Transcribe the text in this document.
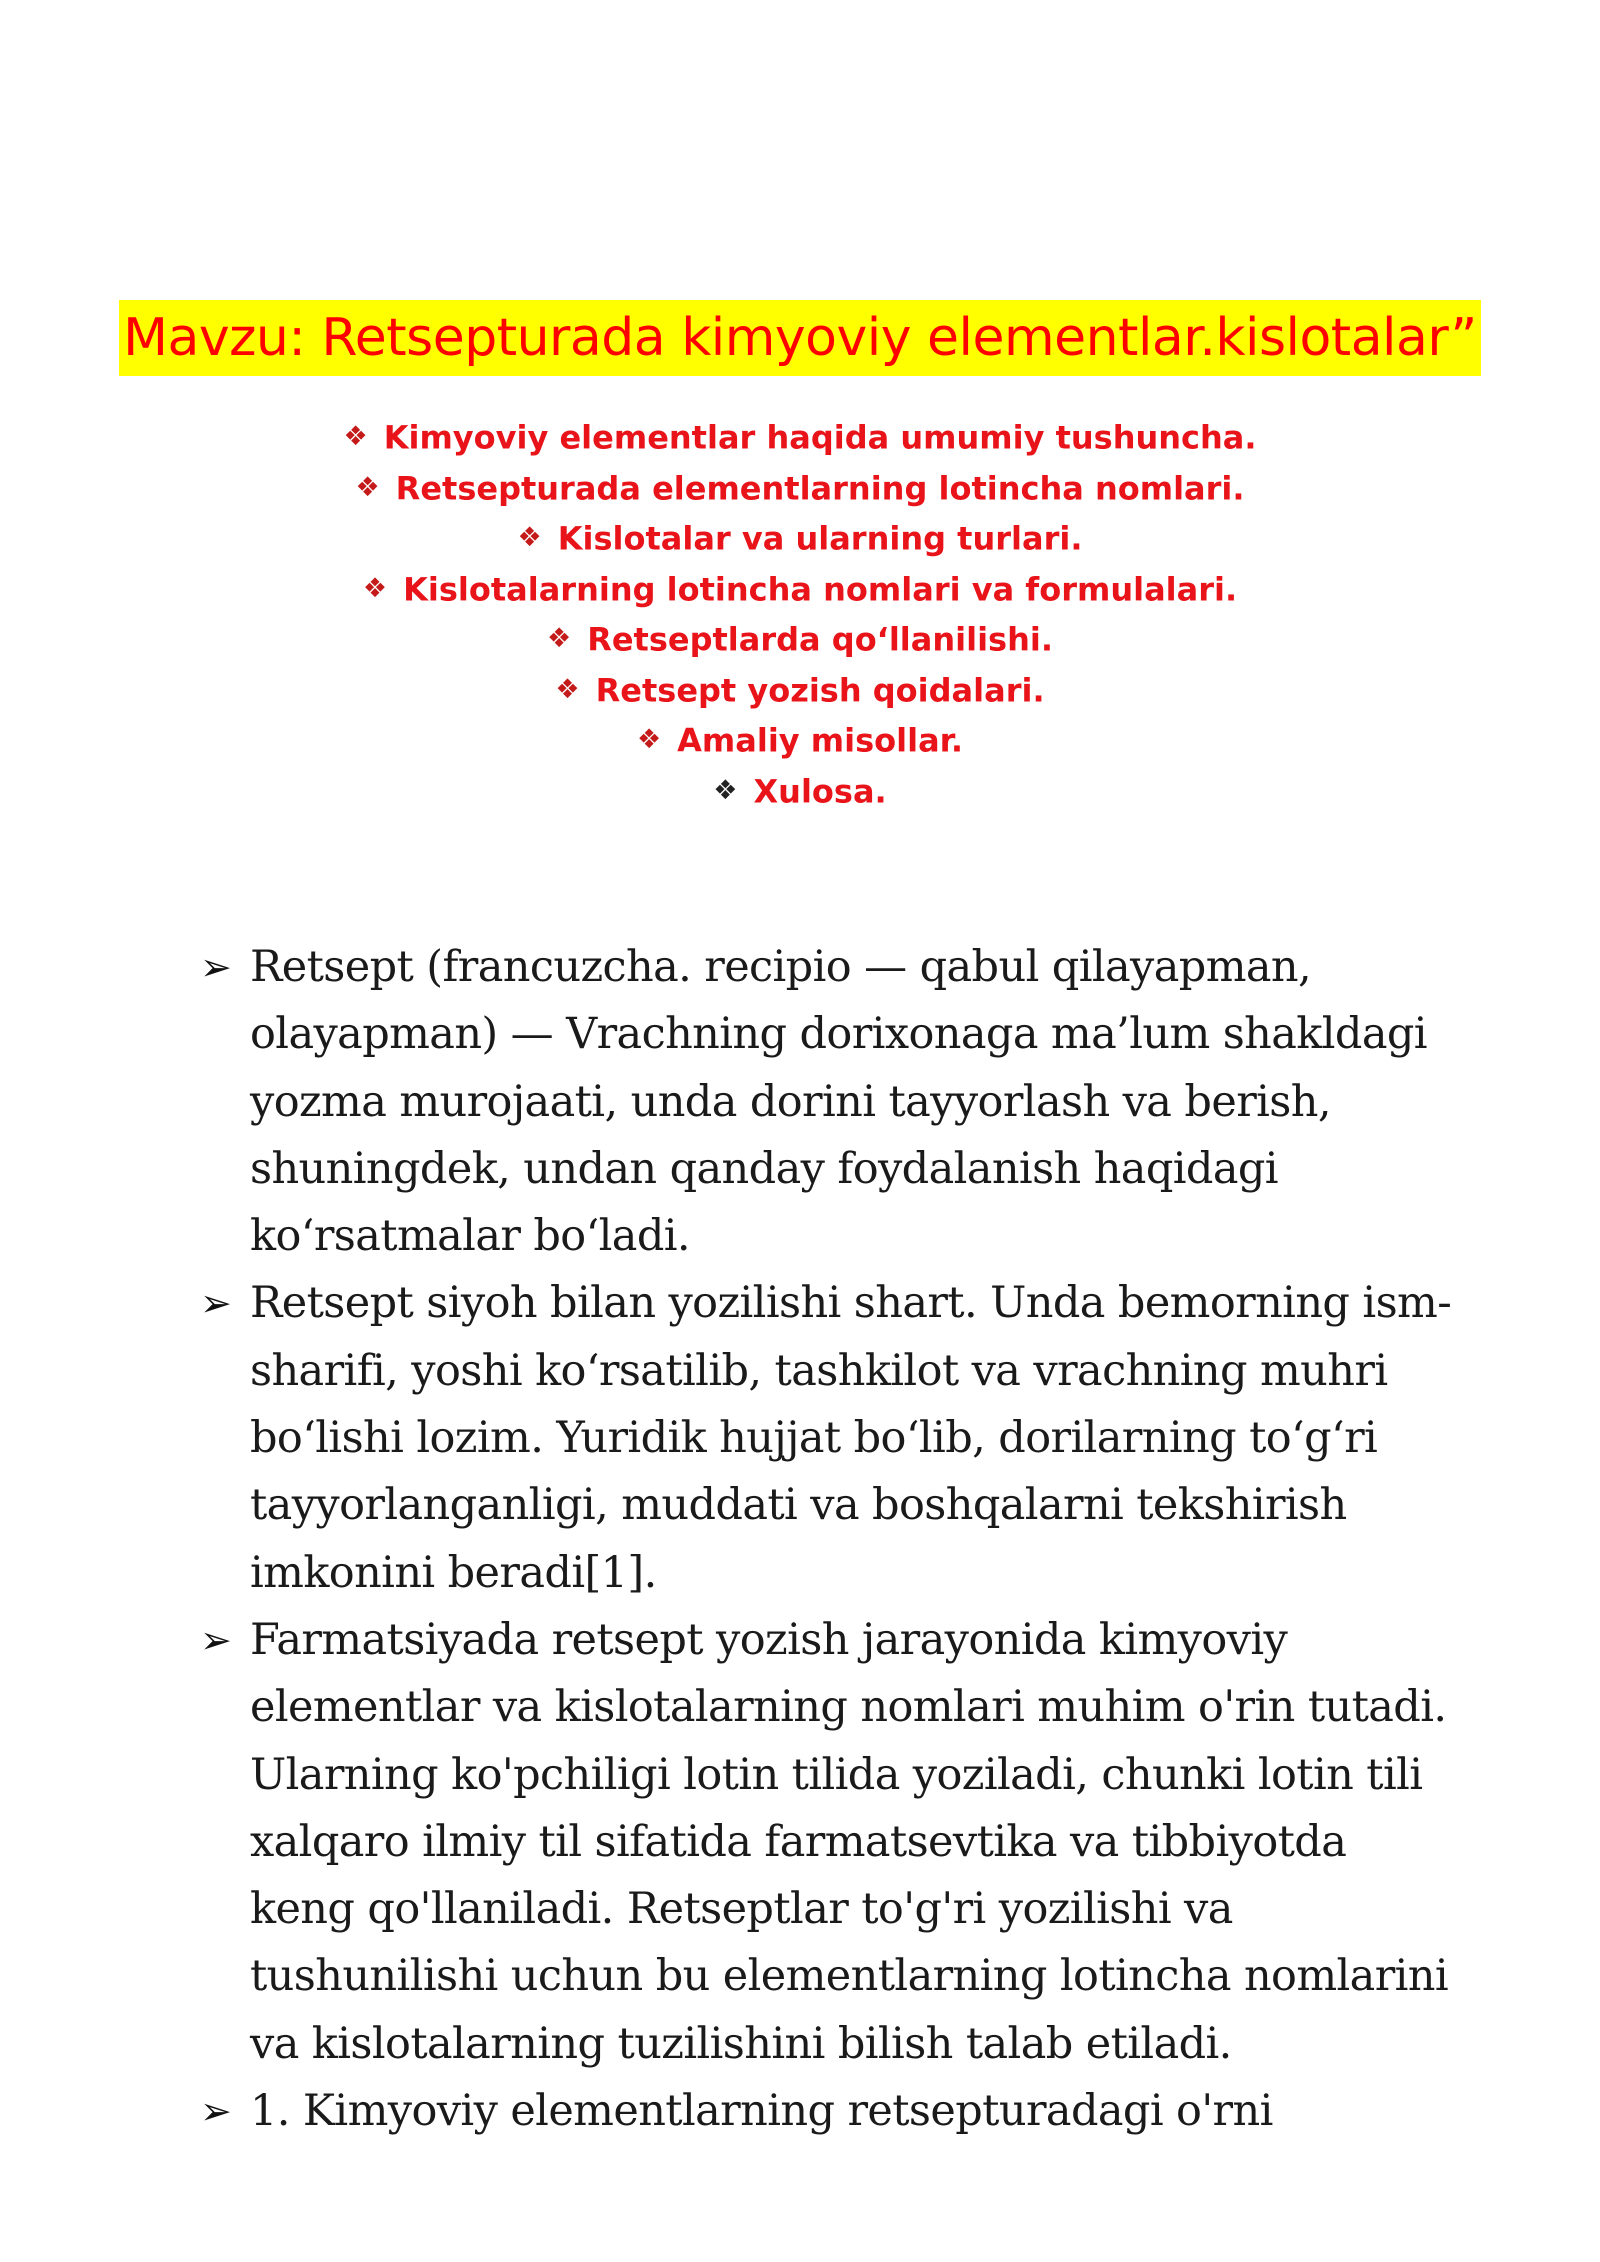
Mavzu: Retsepturada kimyoviy elementlar.kislotalar”
❖ Kimyoviy elementlar haqida umumiy tushuncha.
❖ Retsepturada elementlarning lotincha nomlari.
❖ Kislotalar va ularning turlari.
❖ Kislotalarning lotincha nomlari va formulalari.
❖ Retseptlarda qo‘llanilishi.
❖ Retsept yozish qoidalari.
❖ Amaliy misollar.
❖ Xulosa.
➢ Retsept (francuzcha. recipio — qabul qilayapman, olayapman) — Vrachning dorixonaga ma’lum shakldagi yozma murojaati, unda dorini tayyorlash va berish, shuningdek, undan qanday foydalanish haqidagi ko‘rsatmalar bo‘ladi.
➢ Retsept siyoh bilan yozilishi shart. Unda bemorning ism-sharifi, yoshi ko‘rsatilib, tashkilot va vrachning muhri bo‘lishi lozim. Yuridik hujjat bo‘lib, dorilarning to‘g‘ri tayyorlanganligi, muddati va boshqalarni tekshirish imkonini beradi[1].
➢ Farmatsiyada retsept yozish jarayonida kimyoviy elementlar va kislotalarning nomlari muhim o'rin tutadi. Ularning ko'pchiligi lotin tilida yoziladi, chunki lotin tili xalqaro ilmiy til sifatida farmatsevtika va tibbiyotda keng qo'llaniladi. Retseptlar to'g'ri yozilishi va tushunilishi uchun bu elementlarning lotincha nomlarini va kislotalarning tuzilishini bilish talab etiladi.
➢ 1. Kimyoviy elementlarning retsepturadagi o'rni
